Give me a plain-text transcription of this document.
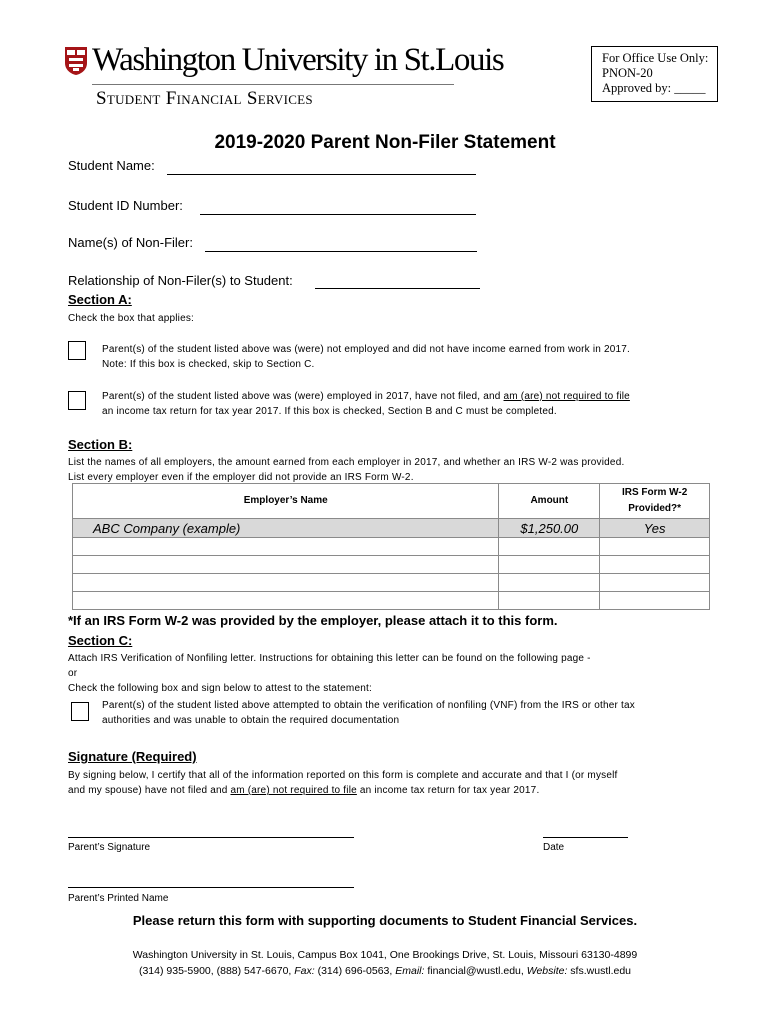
Washington University in St.Louis
Student Financial Services
For Office Use Only:
PNON-20
Approved by: _____
2019-2020 Parent Non-Filer Statement
Student Name:
Student ID Number:
Name(s) of Non-Filer:
Relationship of Non-Filer(s) to Student:
Section A:
Check the box that applies:
Parent(s) of the student listed above was (were) not employed and did not have income earned from work in 2017.
Note: If this box is checked, skip to Section C.
Parent(s) of the student listed above was (were) employed in 2017, have not filed, and am (are) not required to file
an income tax return for tax year 2017. If this box is checked, Section B and C must be completed.
Section B:
List the names of all employers, the amount earned from each employer in 2017, and whether an IRS W-2 was provided.
List every employer even if the employer did not provide an IRS Form W-2.
Employer’s Name	Amount	IRS Form W-2 Provided?*
ABC Company (example)	$1,250.00	Yes

*If an IRS Form W-2 was provided by the employer, please attach it to this form.
Section C:
Attach IRS Verification of Nonfiling letter. Instructions for obtaining this letter can be found on the following page -
or
Check the following box and sign below to attest to the statement:
Parent(s) of the student listed above attempted to obtain the verification of nonfiling (VNF) from the IRS or other tax
authorities and was unable to obtain the required documentation
Signature (Required)
By signing below, I certify that all of the information reported on this form is complete and accurate and that I (or myself
and my spouse) have not filed and am (are) not required to file an income tax return for tax year 2017.
Parent’s Signature	Date
Parent’s Printed Name
Please return this form with supporting documents to Student Financial Services.
Washington University in St. Louis, Campus Box 1041, One Brookings Drive, St. Louis, Missouri 63130-4899
(314) 935-5900, (888) 547-6670, Fax: (314) 696-0563, Email: financial@wustl.edu, Website: sfs.wustl.edu
